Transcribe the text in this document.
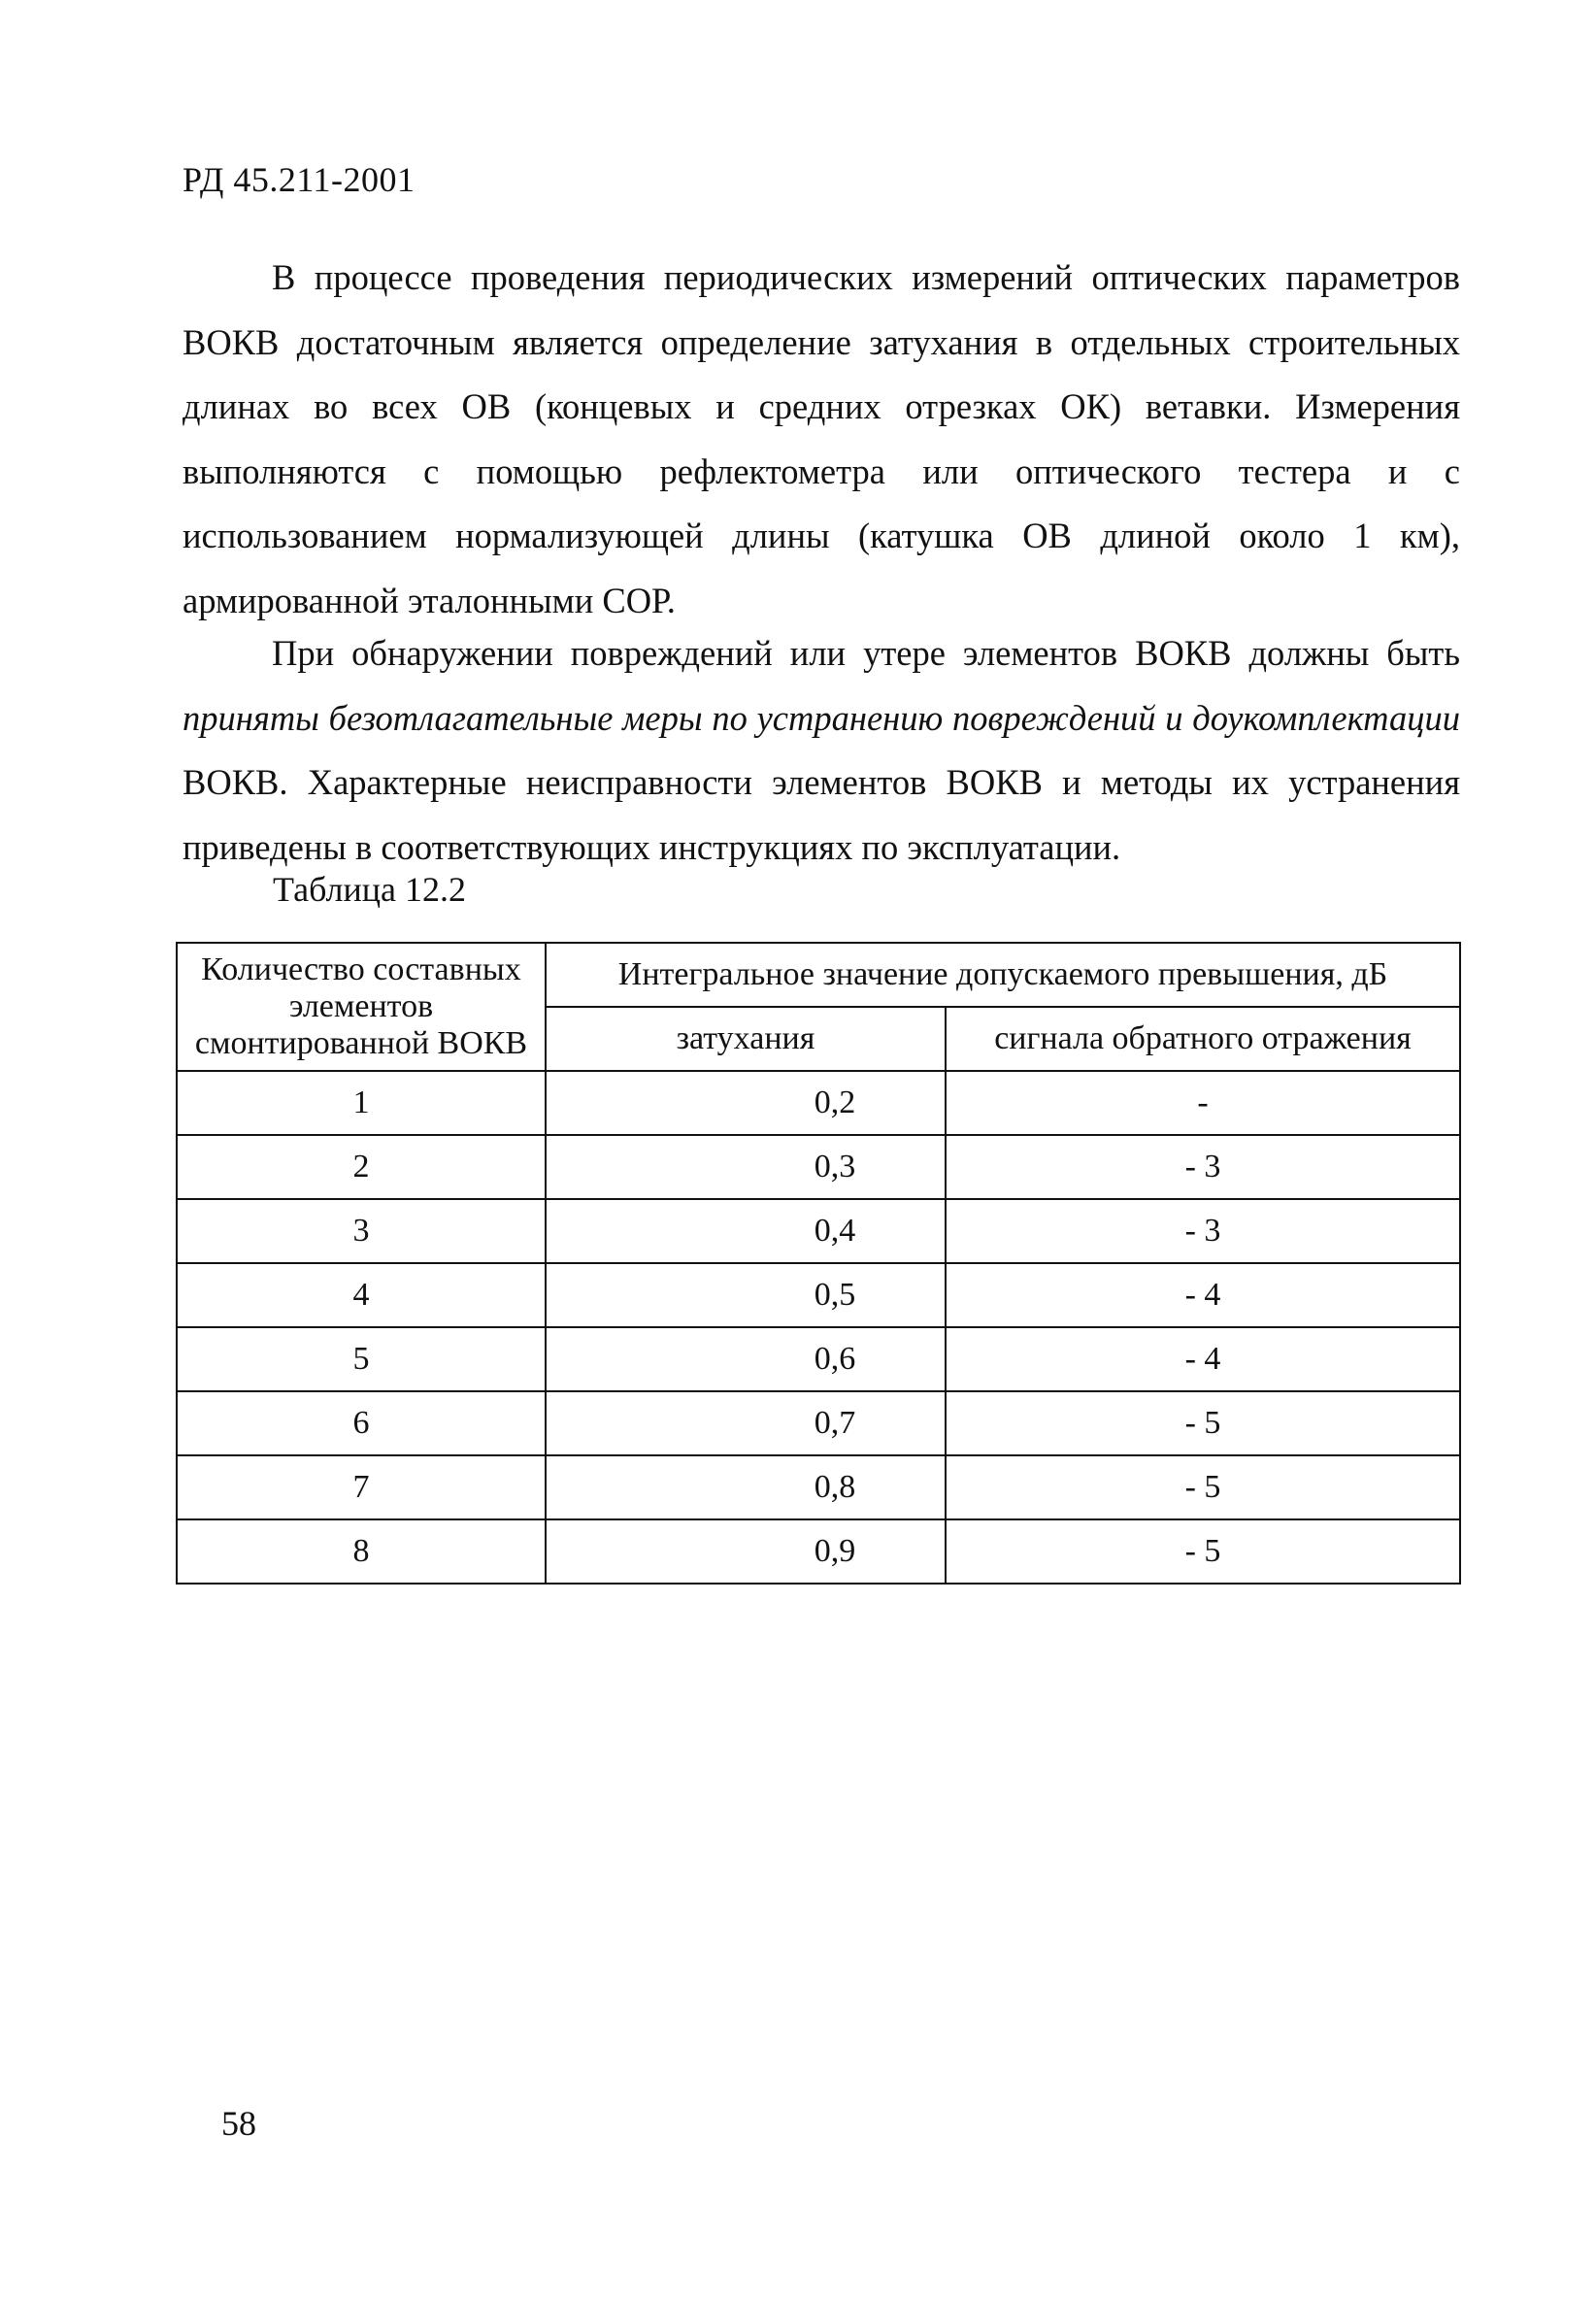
РД 45.211-2001
В процессе проведения периодических измерений оптических параметров ВОКВ достаточным является определение затухания в отдельных строительных длинах во всех ОВ (концевых и средних отрезках ОК) ветавки. Измерения выполняются с помощью рефлектометра или оптического тестера и с использованием нормализующей длины (катушка ОВ длиной около 1 км), армированной эталонными СОР.
При обнаружении повреждений или утере элементов ВОКВ должны быть приняты безотлагательные меры по устранению повреждений и доукомплектации ВОКВ. Характерные неисправности элементов ВОКВ и методы их устранения приведены в соответствующих инструкциях по эксплуатации.
Таблица 12.2
Количество составных элементов смонтированной ВОКВ	Интегральное значение допускаемого превышения, дБ	
	затухания	сигнала обратного отражения
1	0,2	-
2	0,3	- 3
3	0,4	- 3
4	0,5	- 4
5	0,6	- 4
6	0,7	- 5
7	0,8	- 5
8	0,9	- 5
58
